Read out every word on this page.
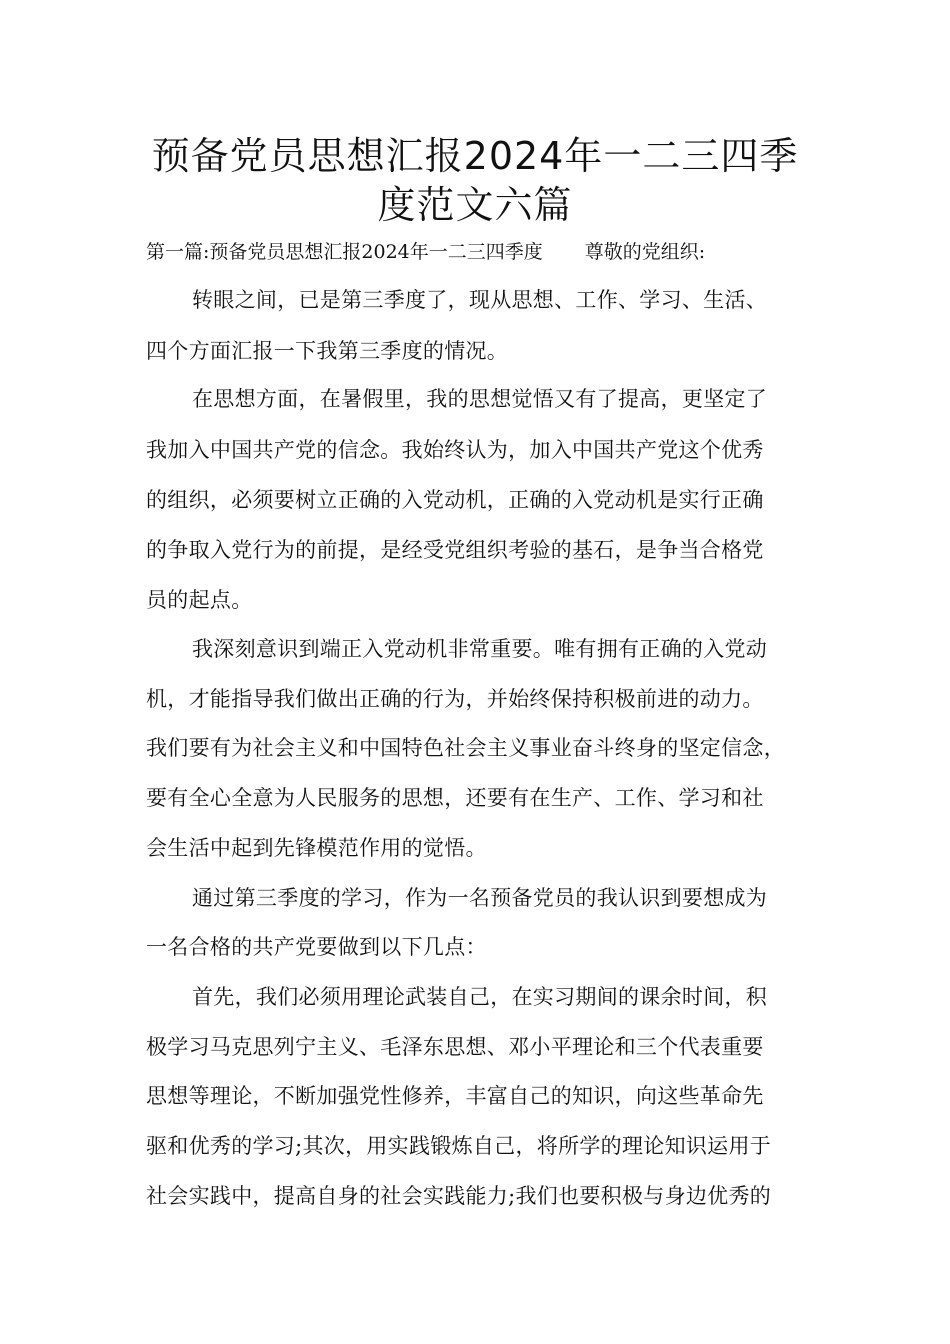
预备党员思想汇报2024年一二三四季
度范文六篇
第一篇:预备党员思想汇报2024年一二三四季度 尊敬的党组织:
转眼之间，已是第三季度了，现从思想、工作、学习、生活、
四个方面汇报一下我第三季度的情况。
在思想方面，在暑假里，我的思想觉悟又有了提高，更坚定了
我加入中国共产党的信念。我始终认为，加入中国共产党这个优秀
的组织，必须要树立正确的入党动机，正确的入党动机是实行正确
的争取入党行为的前提，是经受党组织考验的基石，是争当合格党
员的起点。
我深刻意识到端正入党动机非常重要。唯有拥有正确的入党动
机，才能指导我们做出正确的行为，并始终保持积极前进的动力。
我们要有为社会主义和中国特色社会主义事业奋斗终身的坚定信念，
要有全心全意为人民服务的思想，还要有在生产、工作、学习和社
会生活中起到先锋模范作用的觉悟。
通过第三季度的学习，作为一名预备党员的我认识到要想成为
一名合格的共产党要做到以下几点：
首先，我们必须用理论武装自己，在实习期间的课余时间，积
极学习马克思列宁主义、毛泽东思想、邓小平理论和三个代表重要
思想等理论，不断加强党性修养，丰富自己的知识，向这些革命先
驱和优秀的学习;其次，用实践锻炼自己，将所学的理论知识运用于
社会实践中，提高自身的社会实践能力;我们也要积极与身边优秀的
